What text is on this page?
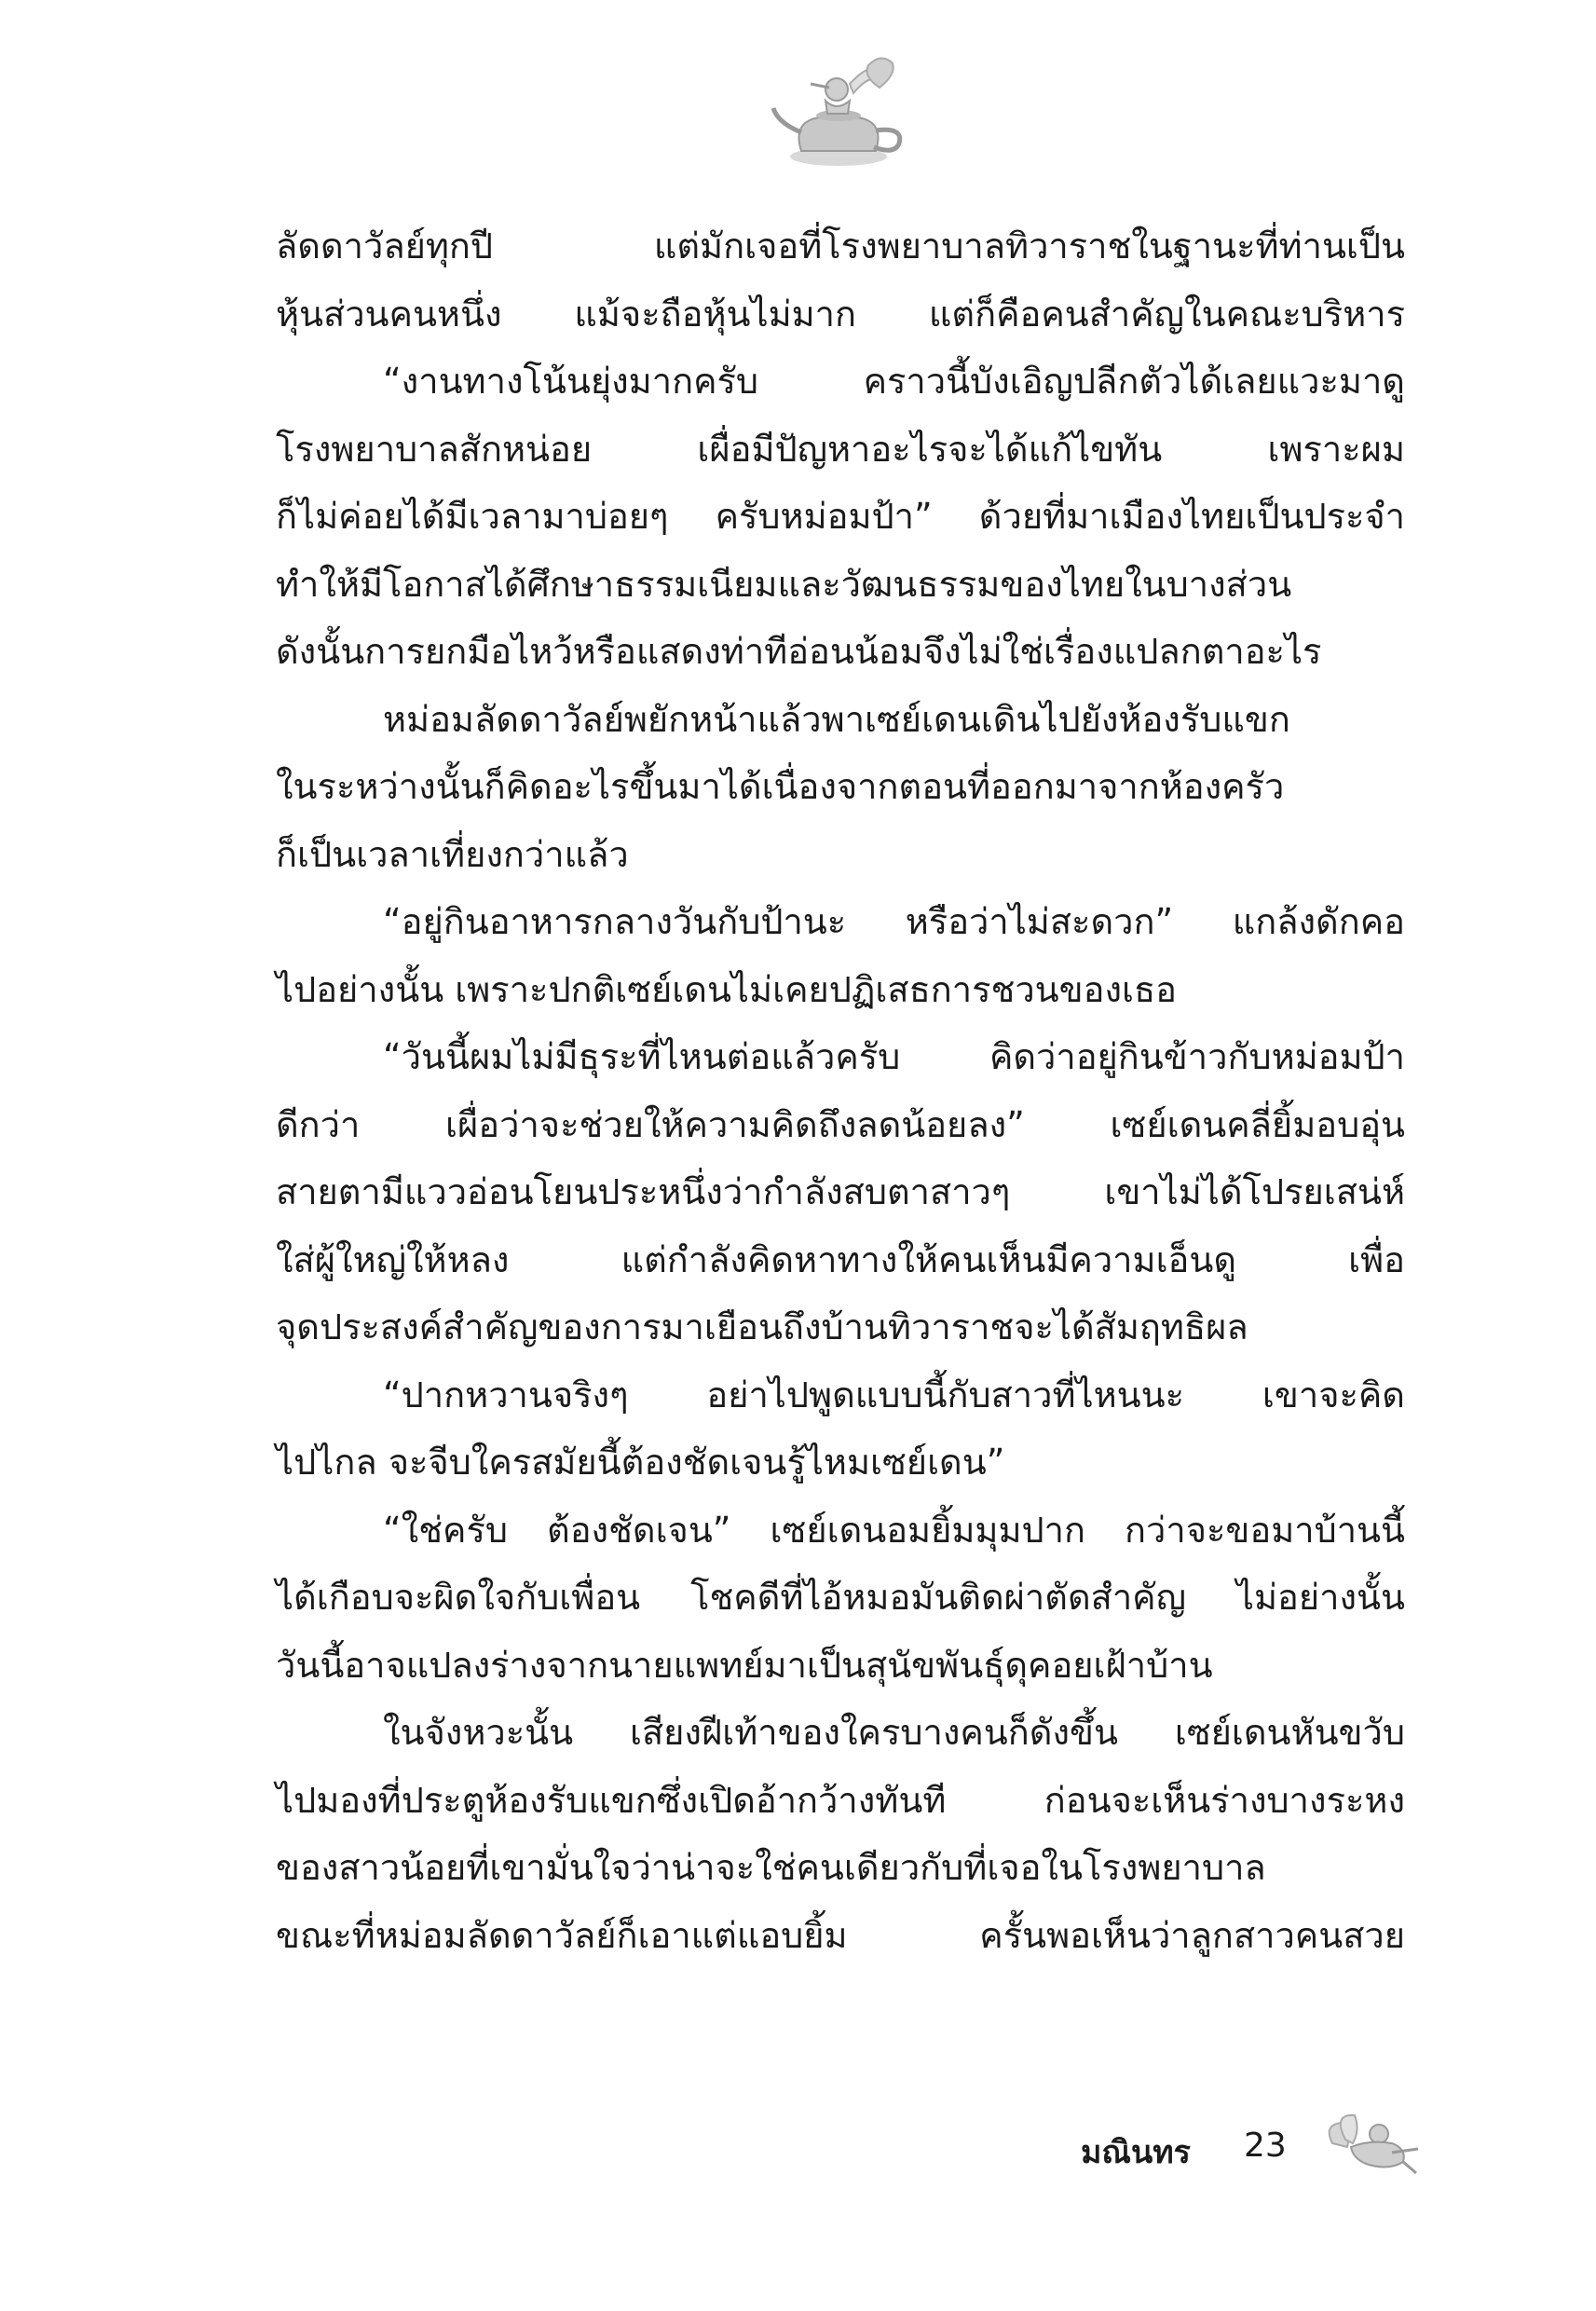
ลัดดาวัลย์ทุกปี แต่มักเจอที่โรงพยาบาลทิวาราชในฐานะที่ท่านเป็น
หุ้นส่วนคนหนึ่ง แม้จะถือหุ้นไม่มาก แต่ก็คือคนสำคัญในคณะบริหาร
“งานทางโน้นยุ่งมากครับ คราวนี้บังเอิญปลีกตัวได้เลยแวะมาดู
โรงพยาบาลสักหน่อย เผื่อมีปัญหาอะไรจะได้แก้ไขทัน เพราะผม
ก็ไม่ค่อยได้มีเวลามาบ่อยๆ ครับหม่อมป้า” ด้วยที่มาเมืองไทยเป็นประจำ
ทำให้มีโอกาสได้ศึกษาธรรมเนียมและวัฒนธรรมของไทยในบางส่วน
ดังนั้นการยกมือไหว้หรือแสดงท่าทีอ่อนน้อมจึงไม่ใช่เรื่องแปลกตาอะไร
หม่อมลัดดาวัลย์พยักหน้าแล้วพาเซย์เดนเดินไปยังห้องรับแขก
ในระหว่างนั้นก็คิดอะไรขึ้นมาได้เนื่องจากตอนที่ออกมาจากห้องครัว
ก็เป็นเวลาเที่ยงกว่าแล้ว
“อยู่กินอาหารกลางวันกับป้านะ หรือว่าไม่สะดวก” แกล้งดักคอ
ไปอย่างนั้น เพราะปกติเซย์เดนไม่เคยปฏิเสธการชวนของเธอ
“วันนี้ผมไม่มีธุระที่ไหนต่อแล้วครับ คิดว่าอยู่กินข้าวกับหม่อมป้า
ดีกว่า เผื่อว่าจะช่วยให้ความคิดถึงลดน้อยลง” เซย์เดนคลี่ยิ้มอบอุ่น
สายตามีแววอ่อนโยนประหนึ่งว่ากำลังสบตาสาวๆ เขาไม่ได้โปรยเสน่ห์
ใส่ผู้ใหญ่ให้หลง แต่กำลังคิดหาทางให้คนเห็นมีความเอ็นดู เพื่อ
จุดประสงค์สำคัญของการมาเยือนถึงบ้านทิวาราชจะได้สัมฤทธิผล
“ปากหวานจริงๆ อย่าไปพูดแบบนี้กับสาวที่ไหนนะ เขาจะคิด
ไปไกล จะจีบใครสมัยนี้ต้องชัดเจนรู้ไหมเซย์เดน”
“ใช่ครับ ต้องชัดเจน” เซย์เดนอมยิ้มมุมปาก กว่าจะขอมาบ้านนี้
ได้เกือบจะผิดใจกับเพื่อน โชคดีที่ไอ้หมอมันติดผ่าตัดสำคัญ ไม่อย่างนั้น
วันนี้อาจแปลงร่างจากนายแพทย์มาเป็นสุนัขพันธุ์ดุคอยเฝ้าบ้าน
ในจังหวะนั้น เสียงฝีเท้าของใครบางคนก็ดังขึ้น เซย์เดนหันขวับ
ไปมองที่ประตูห้องรับแขกซึ่งเปิดอ้ากว้างทันที ก่อนจะเห็นร่างบางระหง
ของสาวน้อยที่เขามั่นใจว่าน่าจะใช่คนเดียวกับที่เจอในโรงพยาบาล
ขณะที่หม่อมลัดดาวัลย์ก็เอาแต่แอบยิ้ม ครั้นพอเห็นว่าลูกสาวคนสวย
มณินทร 23
